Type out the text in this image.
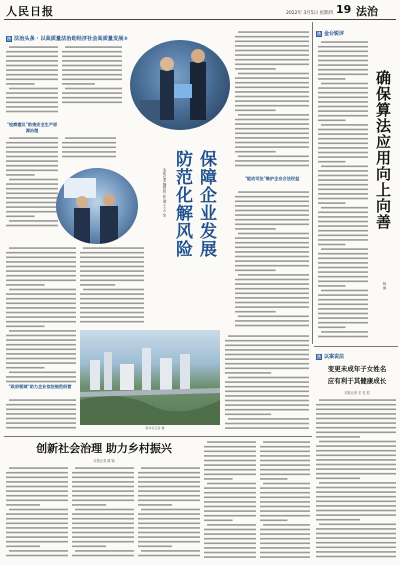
人民日报	2022年 3月5日 星期四 19 法治
法 法治头条 · 以高质量法治助经济社会高质量发展③
"检察建议"助推安全生产原源治理
保障企业发展
防范化解风险
本报记者 魏哲哲 张 璁 王 天 亲	"能动司法"维护企业合法权益
新华社记者 摄
"政府领域"助力企业依法规范经营
法 金台锐评
确保算法应用向上向善
杨 博
法 以案说法
变更未成年子女姓名
应有利于其健康成长
本报记者 史 兆 琨
创新社会治理 助力乡村振兴
本报记者 翁 婉
